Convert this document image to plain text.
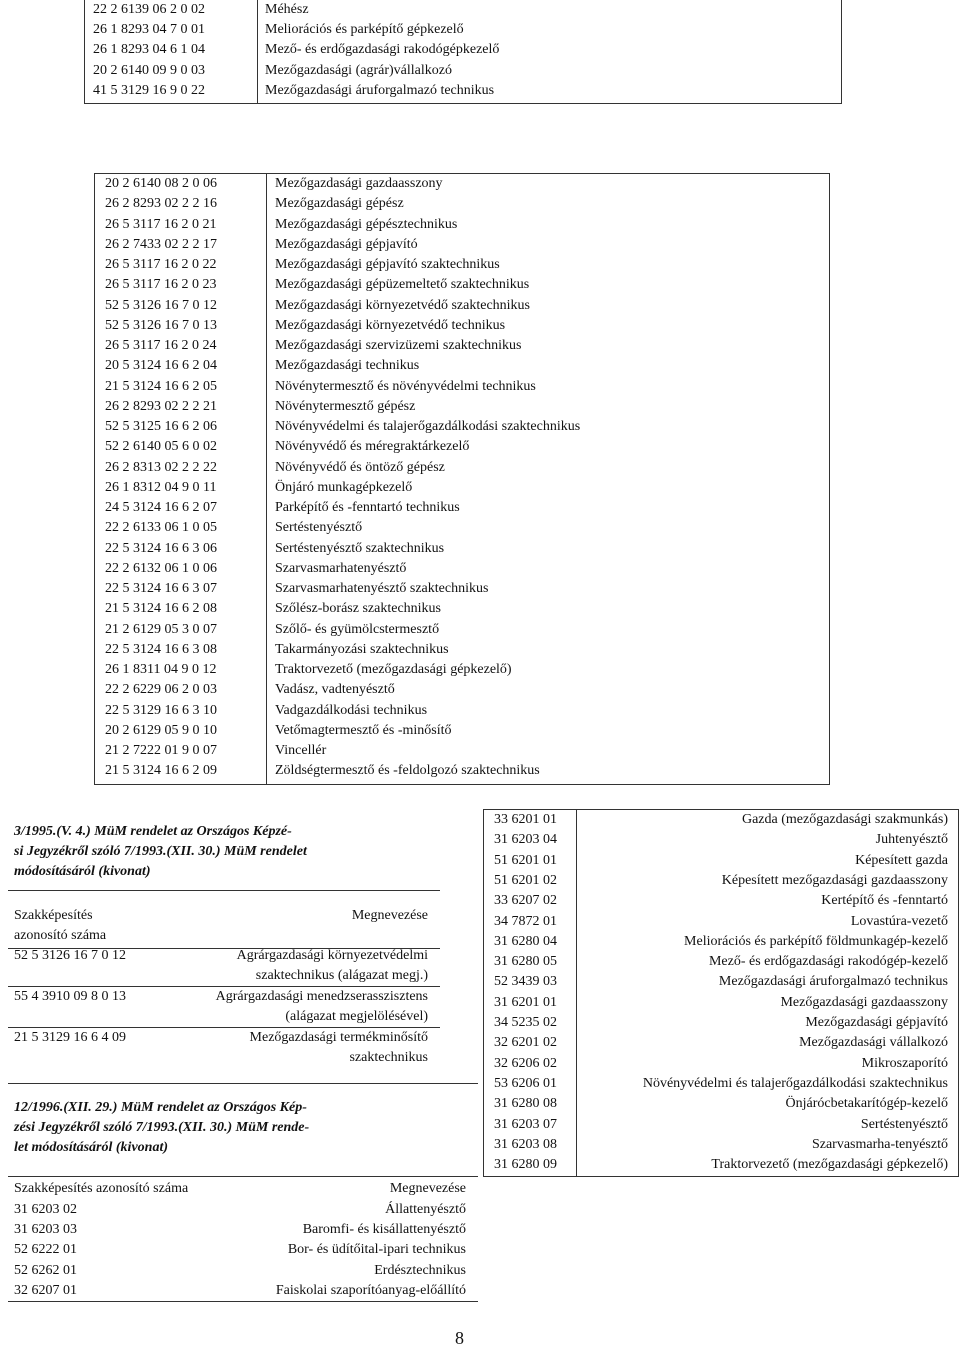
22 2 6139 06 2 0 02	Méhész
26 1 8293 04 7 0 01	Meliorációs és parképítő gépkezelő
26 1 8293 04 6 1 04	Mező- és erdőgazdasági rakodógépkezelő
20 2 6140 09 9 0 03	Mezőgazdasági (agrár)vállalkozó
41 5 3129 16 9 0 22	Mezőgazdasági áruforgalmazó technikus
20 2 6140 08 2 0 06	Mezőgazdasági gazdaasszony
26 2 8293 02 2 2 16	Mezőgazdasági gépész
26 5 3117 16 2 0 21	Mezőgazdasági gépésztechnikus
26 2 7433 02 2 2 17	Mezőgazdasági gépjavító
26 5 3117 16 2 0 22	Mezőgazdasági gépjavító szaktechnikus
26 5 3117 16 2 0 23	Mezőgazdasági gépüzemeltető szaktechnikus
52 5 3126 16 7 0 12	Mezőgazdasági környezetvédő szaktechnikus
52 5 3126 16 7 0 13	Mezőgazdasági környezetvédő technikus
26 5 3117 16 2 0 24	Mezőgazdasági szervizüzemi szaktechnikus
20 5 3124 16 6 2 04	Mezőgazdasági technikus
21 5 3124 16 6 2 05	Növénytermesztő és növényvédelmi technikus
26 2 8293 02 2 2 21	Növénytermesztő gépész
52 5 3125 16 6 2 06	Növényvédelmi és talajerőgazdálkodási szaktechnikus
52 2 6140 05 6 0 02	Növényvédő és méregraktárkezelő
26 2 8313 02 2 2 22	Növényvédő és öntöző gépész
26 1 8312 04 9 0 11	Önjáró munkagépkezelő
24 5 3124 16 6 2 07	Parképítő és -fenntartó technikus
22 2 6133 06 1 0 05	Sertéstenyésztő
22 5 3124 16 6 3 06	Sertéstenyésztő szaktechnikus
22 2 6132 06 1 0 06	Szarvasmarhatenyésztő
22 5 3124 16 6 3 07	Szarvasmarhatenyésztő szaktechnikus
21 5 3124 16 6 2 08	Szőlész-borász szaktechnikus
21 2 6129 05 3 0 07	Szőlő- és gyümölcstermesztő
22 5 3124 16 6 3 08	Takarmányozási szaktechnikus
26 1 8311 04 9 0 12	Traktorvezető (mezőgazdasági gépkezelő)
22 2 6229 06 2 0 03	Vadász, vadtenyésztő
22 5 3129 16 6 3 10	Vadgazdálkodási technikus
20 2 6129 05 9 0 10	Vetőmagtermesztő és -minősítő
21 2 7222 01 9 0 07	Vincellér
21 5 3124 16 6 2 09	Zöldségtermesztő és -feldolgozó szaktechnikus
3/1995.(V. 4.) MüM rendelet az Országos Képzé-
si Jegyzékről szóló 7/1993.(XII. 30.) MüM rendelet
módosításáról (kivonat)
Szakképesítés
azonosító száma
Megnevezése
52 5 3126 16 7 0 12	Agrárgazdasági környezetvédelmi
szaktechnikus (alágazat megj.)
55 4 3910 09 8 0 13	Agrárgazdasági menedzserasszisztens
(alágazat megjelölésével)
21 5 3129 16 6 4 09	Mezőgazdasági termékminősítő
szaktechnikus
12/1996.(XII. 29.) MüM rendelet az Országos Kép-
zési Jegyzékről szóló 7/1993.(XII. 30.) MüM rende-
let módosításáról (kivonat)
Szakképesítés azonosító száma	Megnevezése
31 6203 02	Állattenyésztő
31 6203 03	Baromfi- és kisállattenyésztő
52 6222 01	Bor- és üdítőital-ipari technikus
52 6262 01	Erdésztechnikus
32 6207 01	Faiskolai szaporítóanyag-előállító
33 6201 01	Gazda (mezőgazdasági szakmunkás)
31 6203 04	Juhtenyésztő
51 6201 01	Képesített gazda
51 6201 02	Képesített mezőgazdasági gazdaasszony
33 6207 02	Kertépítő és -fenntartó
34 7872 01	Lovastúra-vezető
31 6280 04	Meliorációs és parképítő földmunkagép-kezelő
31 6280 05	Mező- és erdőgazdasági rakodógép-kezelő
52 3439 03	Mezőgazdasági áruforgalmazó technikus
31 6201 01	Mezőgazdasági gazdaasszony
34 5235 02	Mezőgazdasági gépjavító
32 6201 02	Mezőgazdasági vállalkozó
32 6206 02	Mikroszaporító
53 6206 01	Növényvédelmi és talajerőgazdálkodási szaktechnikus
31 6280 08	Önjárócbetakarítógép-kezelő
31 6203 07	Sertéstenyésztő
31 6203 08	Szarvasmarha-tenyésztő
31 6280 09	Traktorvezető (mezőgazdasági gépkezelő)
8
